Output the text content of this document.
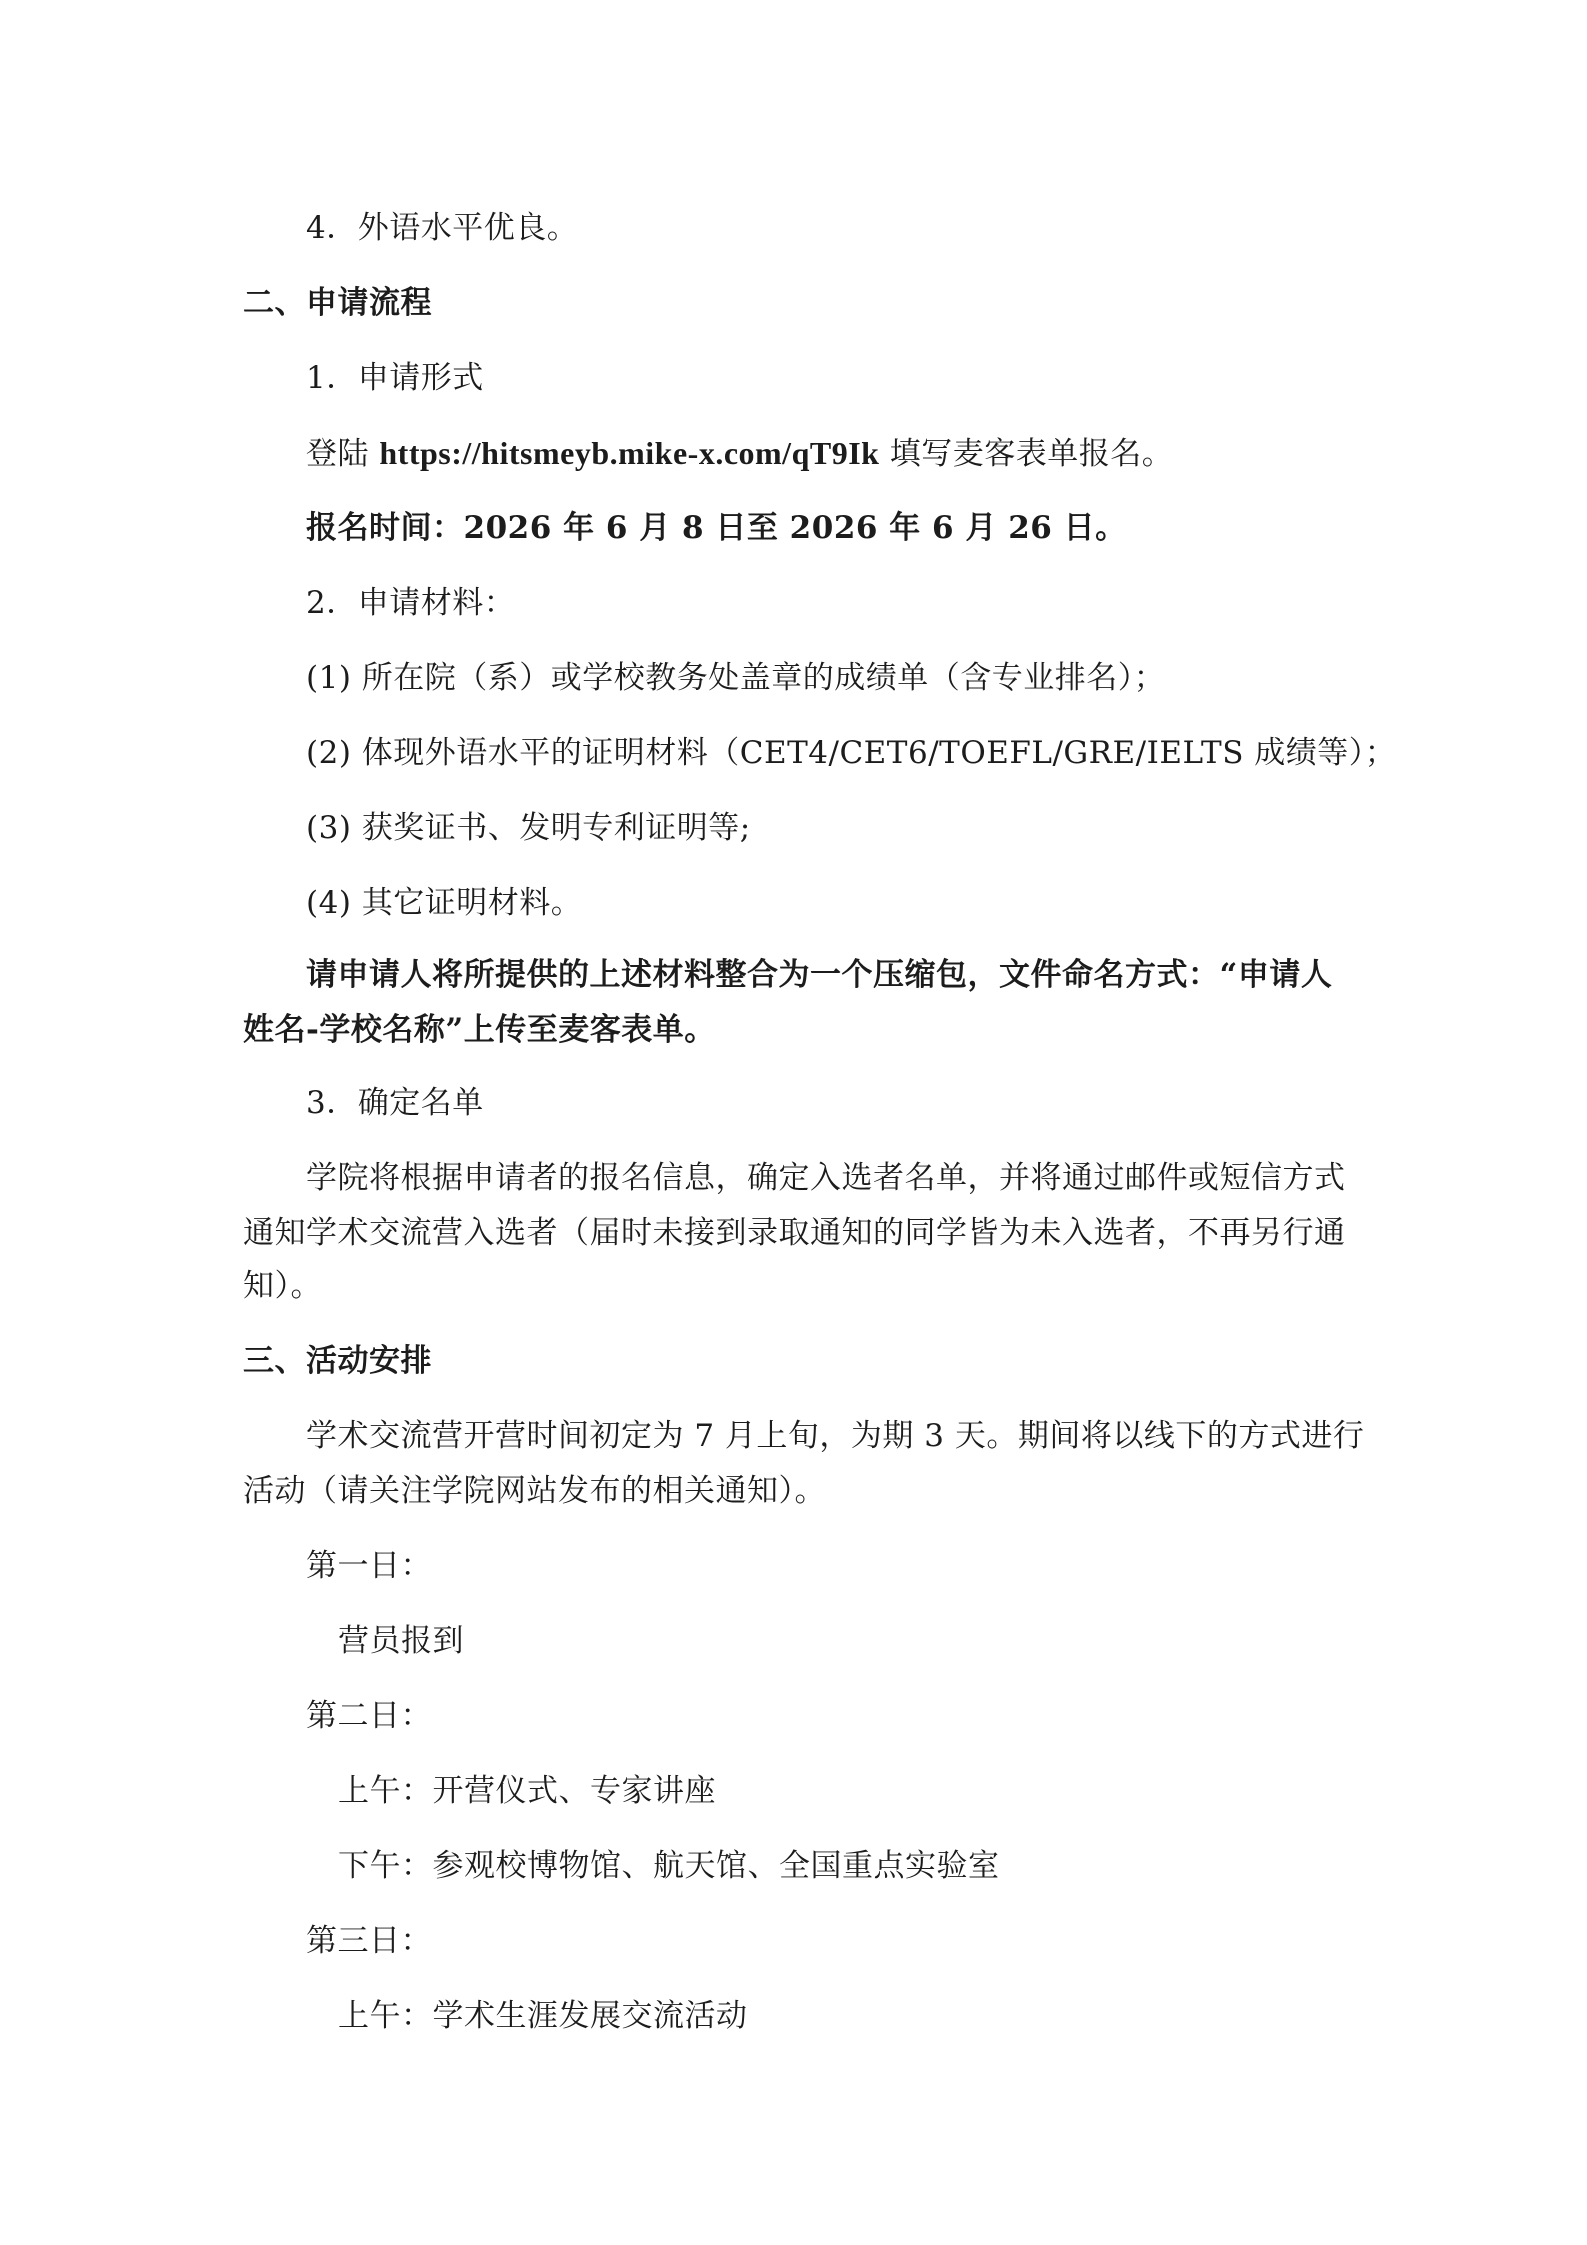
4．外语水平优良。
二、申请流程
1．申请形式
登陆 https://hitsmeyb.mike-x.com/qT9Ik 填写麦客表单报名。
报名时间：2026 年 6 月 8 日至 2026 年 6 月 26 日。
2．申请材料：
(1) 所在院（系）或学校教务处盖章的成绩单（含专业排名）；
(2) 体现外语水平的证明材料（CET4/CET6/TOEFL/GRE/IELTS 成绩等）；
(3) 获奖证书、发明专利证明等;
(4) 其它证明材料。
请申请人将所提供的上述材料整合为一个压缩包，文件命名方式：“申请人
姓名-学校名称”上传至麦客表单。
3．确定名单
学院将根据申请者的报名信息，确定入选者名单，并将通过邮件或短信方式
通知学术交流营入选者（届时未接到录取通知的同学皆为未入选者，不再另行通
知）。
三、活动安排
学术交流营开营时间初定为 7 月上旬，为期 3 天。期间将以线下的方式进行
活动（请关注学院网站发布的相关通知）。
第一日：
营员报到
第二日：
上午：开营仪式、专家讲座
下午：参观校博物馆、航天馆、全国重点实验室
第三日：
上午：学术生涯发展交流活动
